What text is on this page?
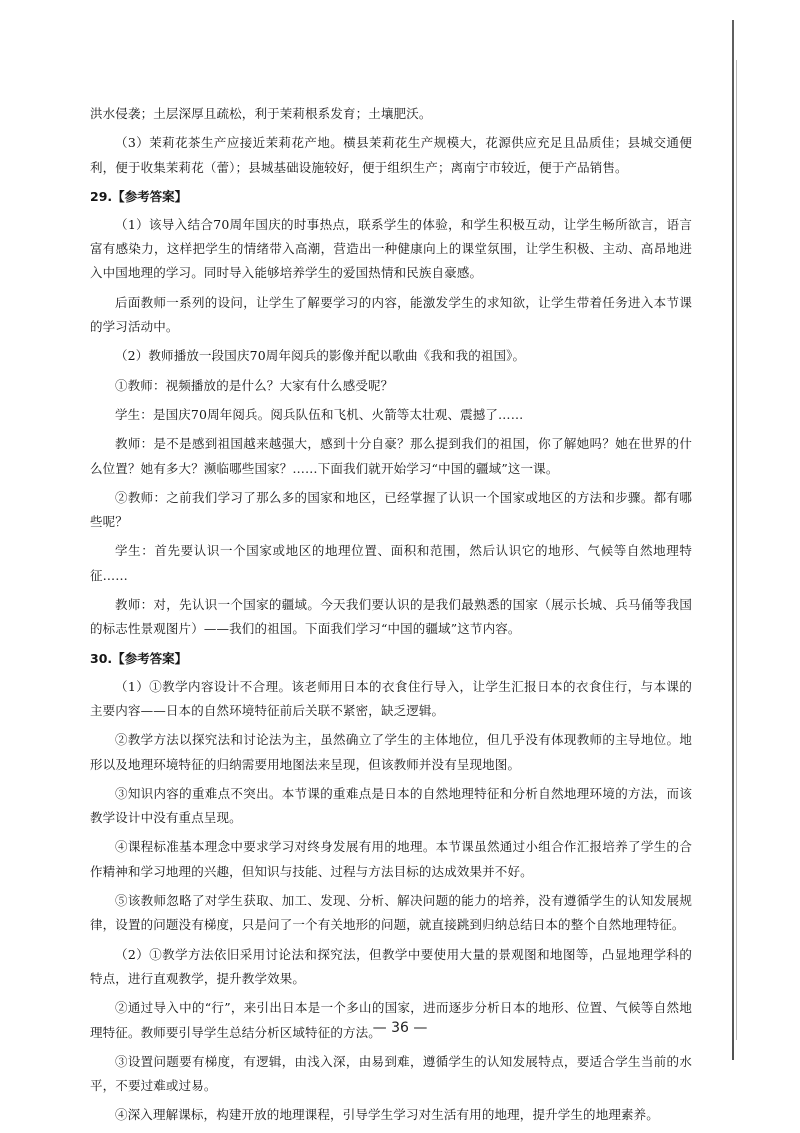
洪水侵袭；土层深厚且疏松，利于茉莉根系发育；土壤肥沃。

（3）茉莉花茶生产应接近茉莉花产地。横县茉莉花生产规模大，花源供应充足且品质佳；县城交通便利，便于收集茉莉花（蕾）；县城基础设施较好，便于组织生产；离南宁市较近，便于产品销售。

29.【参考答案】

（1）该导入结合70周年国庆的时事热点，联系学生的体验，和学生积极互动，让学生畅所欲言，语言富有感染力，这样把学生的情绪带入高潮，营造出一种健康向上的课堂氛围，让学生积极、主动、高昂地进入中国地理的学习。同时导入能够培养学生的爱国热情和民族自豪感。

后面教师一系列的设问，让学生了解要学习的内容，能激发学生的求知欲，让学生带着任务进入本节课的学习活动中。

（2）教师播放一段国庆70周年阅兵的影像并配以歌曲《我和我的祖国》。

①教师：视频播放的是什么？大家有什么感受呢？

学生：是国庆70周年阅兵。阅兵队伍和飞机、火箭等太壮观、震撼了……

教师：是不是感到祖国越来越强大，感到十分自豪？那么提到我们的祖国，你了解她吗？她在世界的什么位置？她有多大？濒临哪些国家？……下面我们就开始学习“中国的疆域”这一课。

②教师：之前我们学习了那么多的国家和地区，已经掌握了认识一个国家或地区的方法和步骤。都有哪些呢？

学生：首先要认识一个国家或地区的地理位置、面积和范围，然后认识它的地形、气候等自然地理特征……

教师：对，先认识一个国家的疆域。今天我们要认识的是我们最熟悉的国家（展示长城、兵马俑等我国的标志性景观图片）——我们的祖国。下面我们学习“中国的疆域”这节内容。

30.【参考答案】

（1）①教学内容设计不合理。该老师用日本的衣食住行导入，让学生汇报日本的衣食住行，与本课的主要内容——日本的自然环境特征前后关联不紧密，缺乏逻辑。

②教学方法以探究法和讨论法为主，虽然确立了学生的主体地位，但几乎没有体现教师的主导地位。地形以及地理环境特征的归纳需要用地图法来呈现，但该教师并没有呈现地图。

③知识内容的重难点不突出。本节课的重难点是日本的自然地理特征和分析自然地理环境的方法，而该教学设计中没有重点呈现。

④课程标准基本理念中要求学习对终身发展有用的地理。本节课虽然通过小组合作汇报培养了学生的合作精神和学习地理的兴趣，但知识与技能、过程与方法目标的达成效果并不好。

⑤该教师忽略了对学生获取、加工、发现、分析、解决问题的能力的培养，没有遵循学生的认知发展规律，设置的问题没有梯度，只是问了一个有关地形的问题，就直接跳到归纳总结日本的整个自然地理特征。

（2）①教学方法依旧采用讨论法和探究法，但教学中要使用大量的景观图和地图等，凸显地理学科的特点，进行直观教学，提升教学效果。

②通过导入中的“行”，来引出日本是一个多山的国家，进而逐步分析日本的地形、位置、气候等自然地理特征。教师要引导学生总结分析区域特征的方法。

③设置问题要有梯度，有逻辑，由浅入深，由易到难，遵循学生的认知发展特点，要适合学生当前的水平，不要过难或过易。

④深入理解课标，构建开放的地理课程，引导学生学习对生活有用的地理，提升学生的地理素养。

— 36 —
